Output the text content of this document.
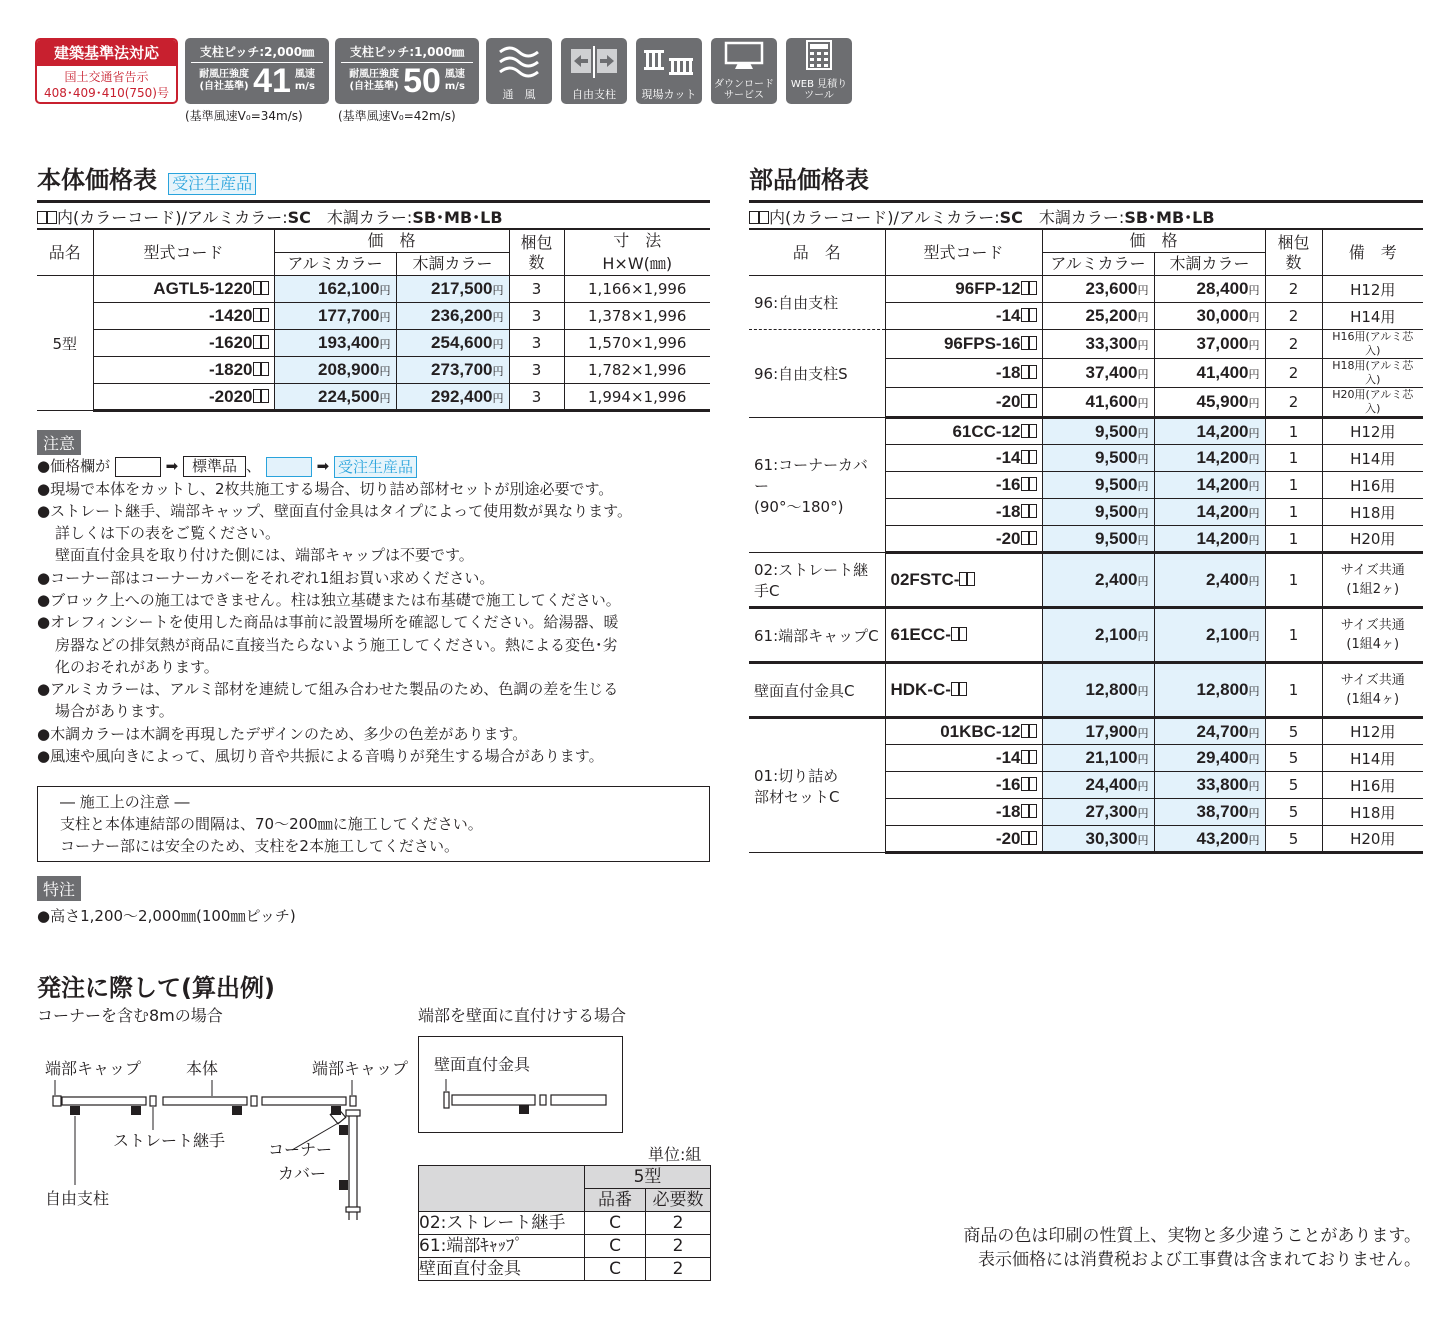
建築基準法対応
国土交通省告示
408･409･410(750)号
支柱ピッチ:2,000㎜
耐風圧強度
(自社基準) 41 風速
m/s
(基準風速V₀=34m/s)
支柱ピッチ:1,000㎜
耐風圧強度
(自社基準) 50 風速
m/s
(基準風速V₀=42m/s)
通　風	自由支柱	現場カット
ダウンロード サービス
WEB 見積りツール
本体価格表 受注生産品
内(カラーコード)/アルミカラー:SC　 木調カラー:SB･MB･LB
品名	型式コード	価　格		梱包 数	寸　法
		アルミカラー	木調カラー		H×W(㎜)
5型	AGTL5-1220	162,100円	217,500円	3	1,166×1,996
	-1420	177,700円	236,200円	3	1,378×1,996
	-1620	193,400円	254,600円	3	1,570×1,996
	-1820	208,900円	273,700円	3	1,782×1,996
	-2020	224,500円	292,400円	3	1,994×1,996
注意
●価格欄が	➡ 標準品 、	➡ 受注生産品
●現場で本体をカットし、2枚共施工する場合、切り詰め部材セットが別途必要です。
●ストレート継手、端部キャップ、壁面直付金具はタイプによって使用数が異なります。
詳しくは下の表をご覧ください。
壁面直付金具を取り付けた側には、端部キャップは不要です。
●コーナー部はコーナーカバーをそれぞれ1組お買い求めください。
●ブロック上への施工はできません。柱は独立基礎または布基礎で施工してください。
●オレフィンシートを使用した商品は事前に設置場所を確認してください。給湯器、暖
房器などの排気熱が商品に直接当たらないよう施工してください。熱による変色･劣
化のおそれがあります。
●アルミカラーは、アルミ部材を連続して組み合わせた製品のため、色調の差を生じる
場合があります。
●木調カラーは木調を再現したデザインのため、多少の色差があります。
●風速や風向きによって、風切り音や共振による音鳴りが発生する場合があります。
― 施工上の注意 ―
支柱と本体連結部の間隔は、70～200㎜に施工してください。
コーナー部には安全のため、支柱を2本施工してください。
特注
●高さ1,200～2,000㎜(100㎜ピッチ)
部品価格表
内(カラーコード)/アルミカラー:SC　 木調カラー:SB･MB･LB
品　名	型式コード	価　格		梱包 数	備　考
		アルミカラー	木調カラー		

96:自由支柱	96FP-12	23,600円	28,400円	2	H12用
	-14	25,200円	30,000円	2	H14用

96:自由支柱S	96FPS-16	33,300円	37,000円	2	H16用(アルミ芯入)
	-18	37,400円	41,400円	2	H18用(アルミ芯入)
	-20	41,600円	45,900円	2	H20用(アルミ芯入)

61:コーナーカバー
(90°～180°)	61CC-12	9,500円	14,200円	1	H12用
	-14	9,500円	14,200円	1	H14用
	-16	9,500円	14,200円	1	H16用
	-18	9,500円	14,200円	1	H18用
	-20	9,500円	14,200円	1	H20用

02:ストレート継手C	02FSTC-	2,400円	2,400円	1	サイズ共通
(1組2ヶ)

61:端部キャップC	61ECC-	2,100円	2,100円	1	サイズ共通
(1組4ヶ)

壁面直付金具C	HDK-C-	12,800円	12,800円	1	サイズ共通
(1組4ヶ)

01:切り詰め
部材セットC	01KBC-12	17,900円	24,700円	5	H12用
	-14	21,100円	29,400円	5	H14用
	-16	24,400円	33,800円	5	H16用
	-18	27,300円	38,700円	5	H18用
	-20	30,300円	43,200円	5	H20用
発注に際して(算出例)
コーナーを含む8mの場合	端部を壁面に直付けする場合
端部キャップ	本体	端部キャップ
ストレート継手	コーナー
カバー
自由支柱
壁面直付金具
単位:組
	5型	
	品番	必要数
02:ストレート継手	C	2
61:端部ｷｬｯﾌﾟ	C	2
壁面直付金具	C	2
商品の色は印刷の性質上、実物と多少違うことがあります。
表示価格には消費税および工事費は含まれておりません。
